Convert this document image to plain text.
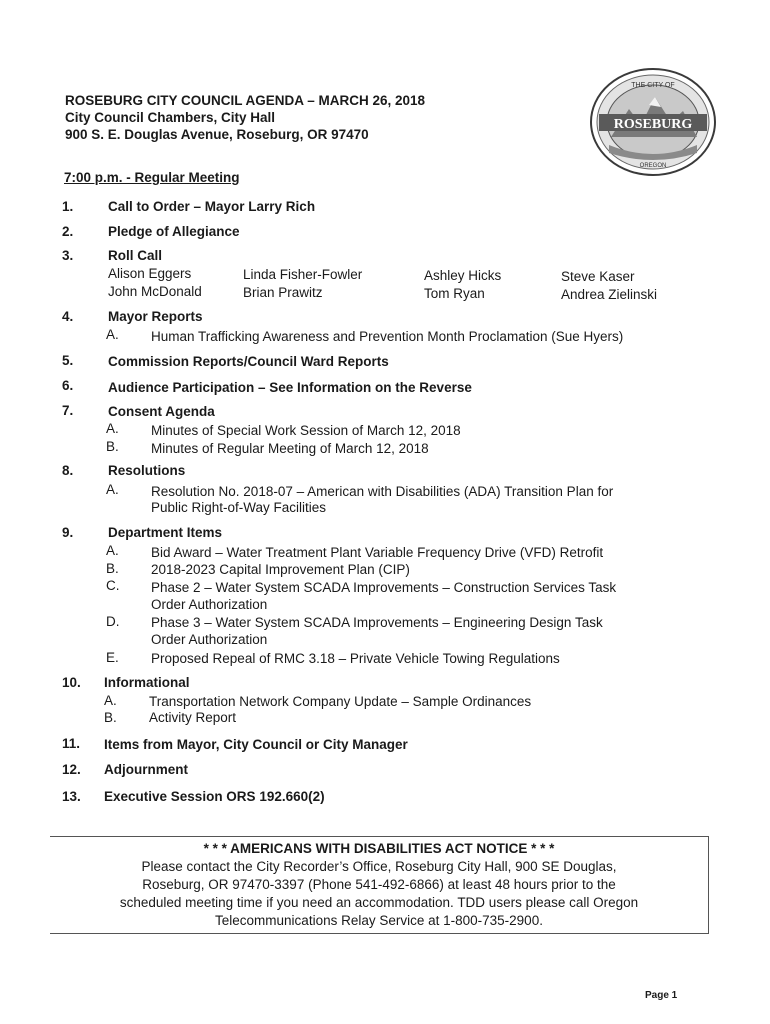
ROSEBURG CITY COUNCIL AGENDA – MARCH 26, 2018
City Council Chambers, City Hall
900 S. E. Douglas Avenue, Roseburg, OR 97470
ROSEBURG
THE CITY OF
OREGON
7:00 p.m. - Regular Meeting
1.	Call to Order – Mayor Larry Rich
2.	Pledge of Allegiance
3.	Roll Call
Alison Eggers	Linda Fisher-Fowler	Ashley Hicks	Steve Kaser
John McDonald	Brian Prawitz	Tom Ryan	Andrea Zielinski
4.	Mayor Reports
A. Human Trafficking Awareness and Prevention Month Proclamation (Sue Hyers)
5.	Commission Reports/Council Ward Reports
6.	Audience Participation – See Information on the Reverse
7.	Consent Agenda
A. Minutes of Special Work Session of March 12, 2018
B. Minutes of Regular Meeting of March 12, 2018
8.	Resolutions
A. Resolution No. 2018-07 – American with Disabilities (ADA) Transition Plan for
Public Right-of-Way Facilities
9.	Department Items
A. Bid Award – Water Treatment Plant Variable Frequency Drive (VFD) Retrofit
B. 2018-2023 Capital Improvement Plan (CIP)
C. Phase 2 – Water System SCADA Improvements – Construction Services Task
Order Authorization
D. Phase 3 – Water System SCADA Improvements – Engineering Design Task
Order Authorization
E. Proposed Repeal of RMC 3.18 – Private Vehicle Towing Regulations
10. Informational
A. Transportation Network Company Update – Sample Ordinances
B. Activity Report
11. Items from Mayor, City Council or City Manager
12. Adjournment
13. Executive Session ORS 192.660(2)
* * * AMERICANS WITH DISABILITIES ACT NOTICE * * *
Please contact the City Recorder’s Office, Roseburg City Hall, 900 SE Douglas,
Roseburg, OR 97470-3397 (Phone 541-492-6866) at least 48 hours prior to the
scheduled meeting time if you need an accommodation. TDD users please call Oregon
Telecommunications Relay Service at 1-800-735-2900.
Page 1
